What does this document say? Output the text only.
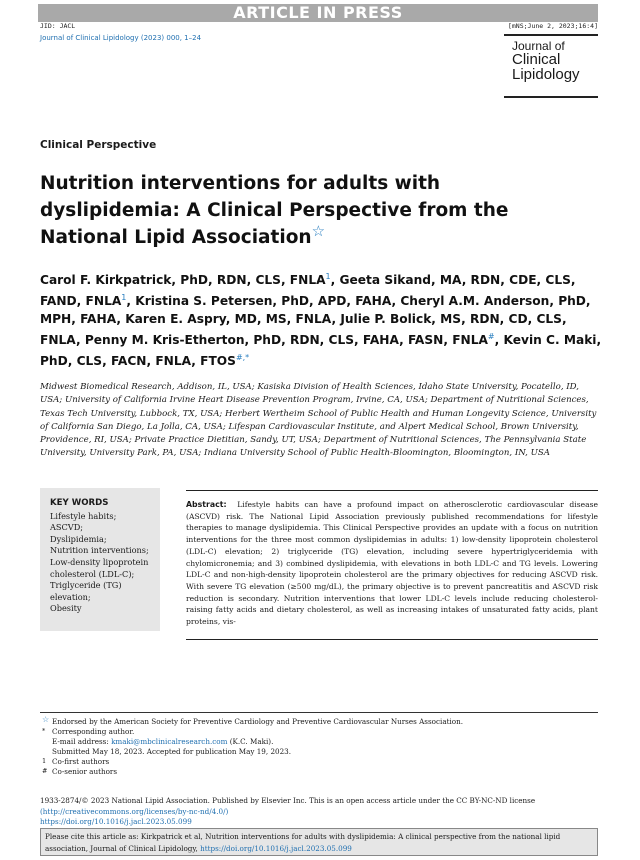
ARTICLE IN PRESS
JID: JACL	[mNS;June 2, 2023;16:4]
Journal of Clinical Lipidology (2023) 000, 1–24
Journal of
Clinical
Lipidology
Clinical Perspective
Nutrition interventions for adults with dyslipidemia: A Clinical Perspective from the National Lipid Association☆
Carol F. Kirkpatrick, PhD, RDN, CLS, FNLA$^1$, Geeta Sikand, MA, RDN, CDE, CLS, FAND, FNLA$^1$, Kristina S. Petersen, PhD, APD, FAHA, Cheryl A.M. Anderson, PhD, MPH, FAHA, Karen E. Aspry, MD, MS, FNLA, Julie P. Bolick, MS, RDN, CD, CLS, FNLA, Penny M. Kris-Etherton, PhD, RDN, CLS, FAHA, FASN, FNLA#, Kevin C. Maki, PhD, CLS, FACN, FNLA, FTOS#,*
Midwest Biomedical Research, Addison, IL, USA; Kasiska Division of Health Sciences, Idaho State University, Pocatello, ID, USA; University of California Irvine Heart Disease Prevention Program, Irvine, CA, USA; Department of Nutritional Sciences, Texas Tech University, Lubbock, TX, USA; Herbert Wertheim School of Public Health and Human Longevity Science, University of California San Diego, La Jolla, CA, USA; Lifespan Cardiovascular Institute, and Alpert Medical School, Brown University, Providence, RI, USA; Private Practice Dietitian, Sandy, UT, USA; Department of Nutritional Sciences, The Pennsylvania State University, University Park, PA, USA; Indiana University School of Public Health-Bloomington, Bloomington, IN, USA
KEY WORDS
Lifestyle habits;
ASCVD;
Dyslipidemia;
Nutrition interventions;
Low-density lipoprotein
cholesterol (LDL-C);
Triglyceride (TG)
elevation;
Obesity

Abstract: Lifestyle habits can have a profound impact on atherosclerotic cardiovascular disease (ASCVD) risk. The National Lipid Association previously published recommendations for lifestyle therapies to manage dyslipidemia. This Clinical Perspective provides an update with a focus on nutrition interventions for the three most common dyslipidemias in adults: 1) low-density lipoprotein cholesterol (LDL-C) elevation; 2) triglyceride (TG) elevation, including severe hypertriglyceridemia with chylomicronemia; and 3) combined dyslipidemia, with elevations in both LDL-C and TG levels. Lowering LDL-C and non-high-density lipoprotein cholesterol are the primary objectives for reducing ASCVD risk. With severe TG elevation (≥500 mg/dL), the primary objective is to prevent pancreatitis and ASCVD risk reduction is secondary. Nutrition interventions that lower LDL-C levels include reducing cholesterol-raising fatty acids and dietary cholesterol, as well as increasing intakes of unsaturated fatty acids, plant proteins, vis-

☆ Endorsed by the American Society for Preventive Cardiology and Preventive Cardiovascular Nurses Association.
* Corresponding author.
E-mail address: kmaki@mbclinicalresearch.com (K.C. Maki).
Submitted May 18, 2023. Accepted for publication May 19, 2023.
1 Co-first authors
# Co-senior authors
1933-2874/© 2023 National Lipid Association. Published by Elsevier Inc. This is an open access article under the CC BY-NC-ND license
(http://creativecommons.org/licenses/by-nc-nd/4.0/)
https://doi.org/10.1016/j.jacl.2023.05.099
Please cite this article as: Kirkpatrick et al, Nutrition interventions for adults with dyslipidemia: A clinical perspective from the national lipid association, Journal of Clinical Lipidology, https://doi.org/10.1016/j.jacl.2023.05.099
